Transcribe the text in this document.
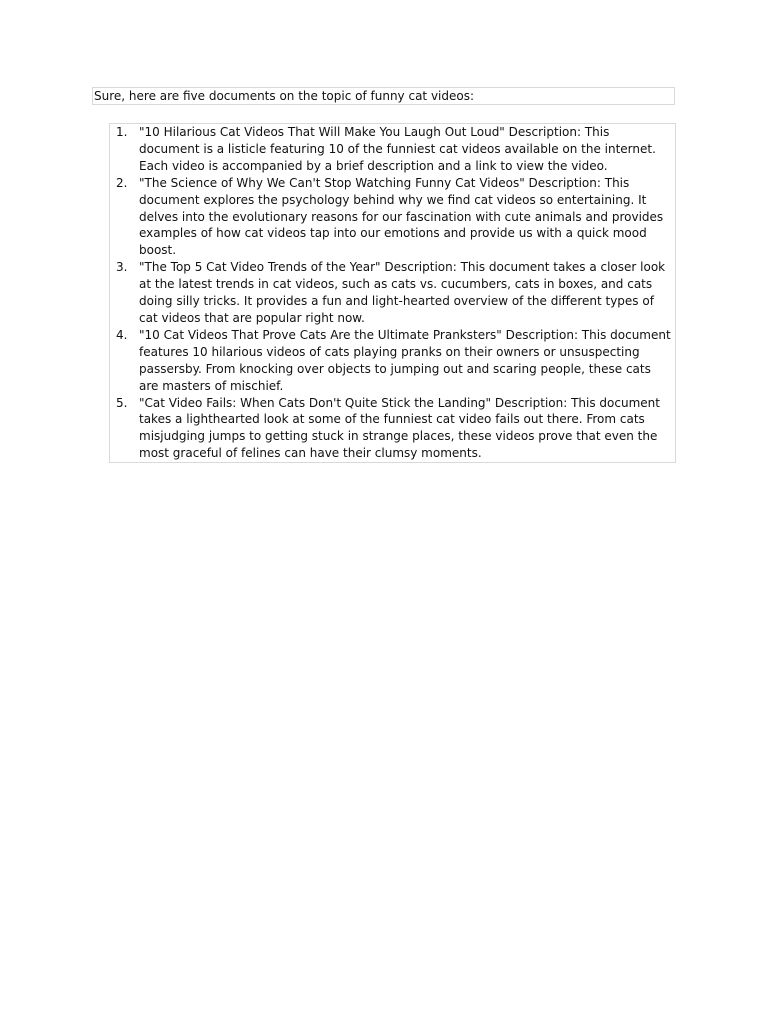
Sure, here are five documents on the topic of funny cat videos:
1. "10 Hilarious Cat Videos That Will Make You Laugh Out Loud" Description: This document is a listicle featuring 10 of the funniest cat videos available on the internet. Each video is accompanied by a brief description and a link to view the video.
2. "The Science of Why We Can't Stop Watching Funny Cat Videos" Description: This document explores the psychology behind why we find cat videos so entertaining. It delves into the evolutionary reasons for our fascination with cute animals and provides examples of how cat videos tap into our emotions and provide us with a quick mood boost.
3. "The Top 5 Cat Video Trends of the Year" Description: This document takes a closer look at the latest trends in cat videos, such as cats vs. cucumbers, cats in boxes, and cats doing silly tricks. It provides a fun and light-hearted overview of the different types of cat videos that are popular right now.
4. "10 Cat Videos That Prove Cats Are the Ultimate Pranksters" Description: This document features 10 hilarious videos of cats playing pranks on their owners or unsuspecting passersby. From knocking over objects to jumping out and scaring people, these cats are masters of mischief.
5. "Cat Video Fails: When Cats Don't Quite Stick the Landing" Description: This document takes a lighthearted look at some of the funniest cat video fails out there. From cats misjudging jumps to getting stuck in strange places, these videos prove that even the most graceful of felines can have their clumsy moments.
